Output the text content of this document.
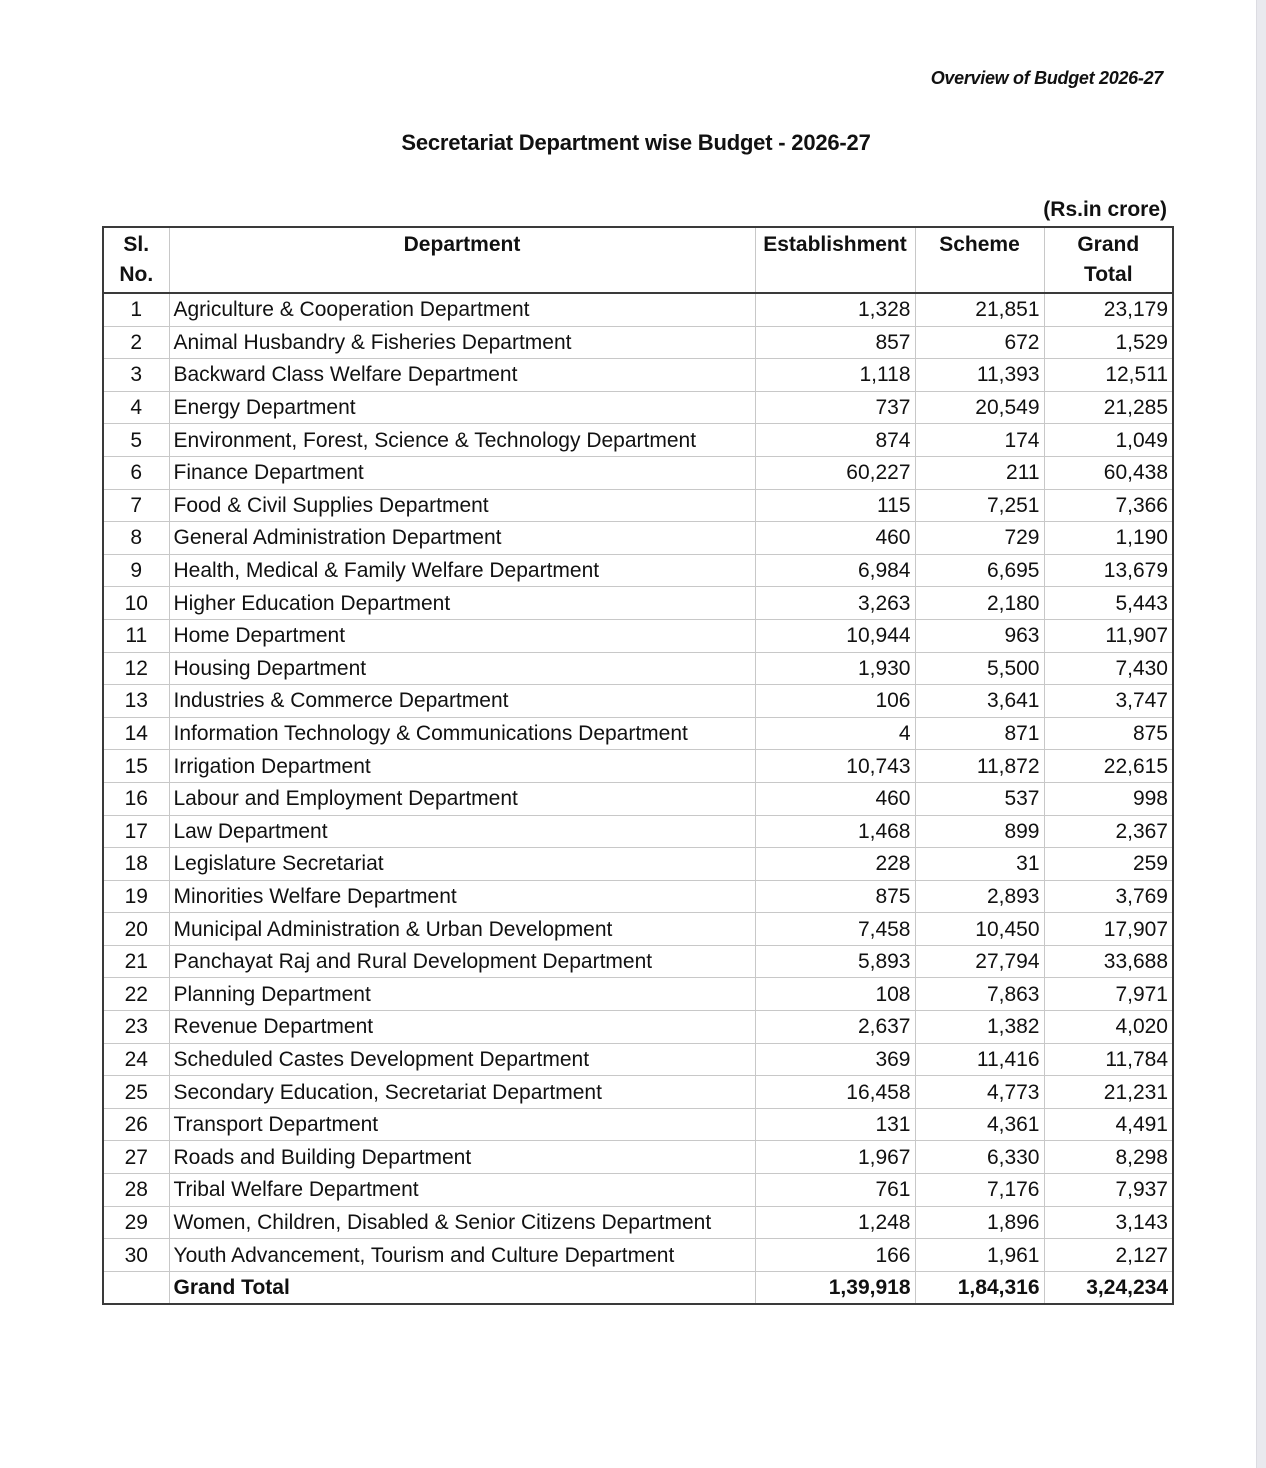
Overview of Budget 2026-27
Secretariat Department wise Budget - 2026-27
(Rs.in crore)
Sl.
No.	Department	Establishment	Scheme	Grand
Total
1	Agriculture & Cooperation Department	1,328	21,851	23,179
2	Animal Husbandry & Fisheries Department	857	672	1,529
3	Backward Class Welfare Department	1,118	11,393	12,511
4	Energy Department	737	20,549	21,285
5	Environment, Forest, Science & Technology Department	874	174	1,049
6	Finance Department	60,227	211	60,438
7	Food & Civil Supplies Department	115	7,251	7,366
8	General Administration Department	460	729	1,190
9	Health, Medical & Family Welfare Department	6,984	6,695	13,679
10	Higher Education Department	3,263	2,180	5,443
11	Home Department	10,944	963	11,907
12	Housing Department	1,930	5,500	7,430
13	Industries & Commerce Department	106	3,641	3,747
14	Information Technology & Communications Department	4	871	875
15	Irrigation Department	10,743	11,872	22,615
16	Labour and Employment Department	460	537	998
17	Law Department	1,468	899	2,367
18	Legislature Secretariat	228	31	259
19	Minorities Welfare Department	875	2,893	3,769
20	Municipal Administration & Urban Development	7,458	10,450	17,907
21	Panchayat Raj and Rural Development Department	5,893	27,794	33,688
22	Planning Department	108	7,863	7,971
23	Revenue Department	2,637	1,382	4,020
24	Scheduled Castes Development Department	369	11,416	11,784
25	Secondary Education, Secretariat Department	16,458	4,773	21,231
26	Transport Department	131	4,361	4,491
27	Roads and Building Department	1,967	6,330	8,298
28	Tribal Welfare Department	761	7,176	7,937
29	Women, Children, Disabled & Senior Citizens Department	1,248	1,896	3,143
30	Youth Advancement, Tourism and Culture Department	166	1,961	2,127
	Grand Total	1,39,918	1,84,316	3,24,234
